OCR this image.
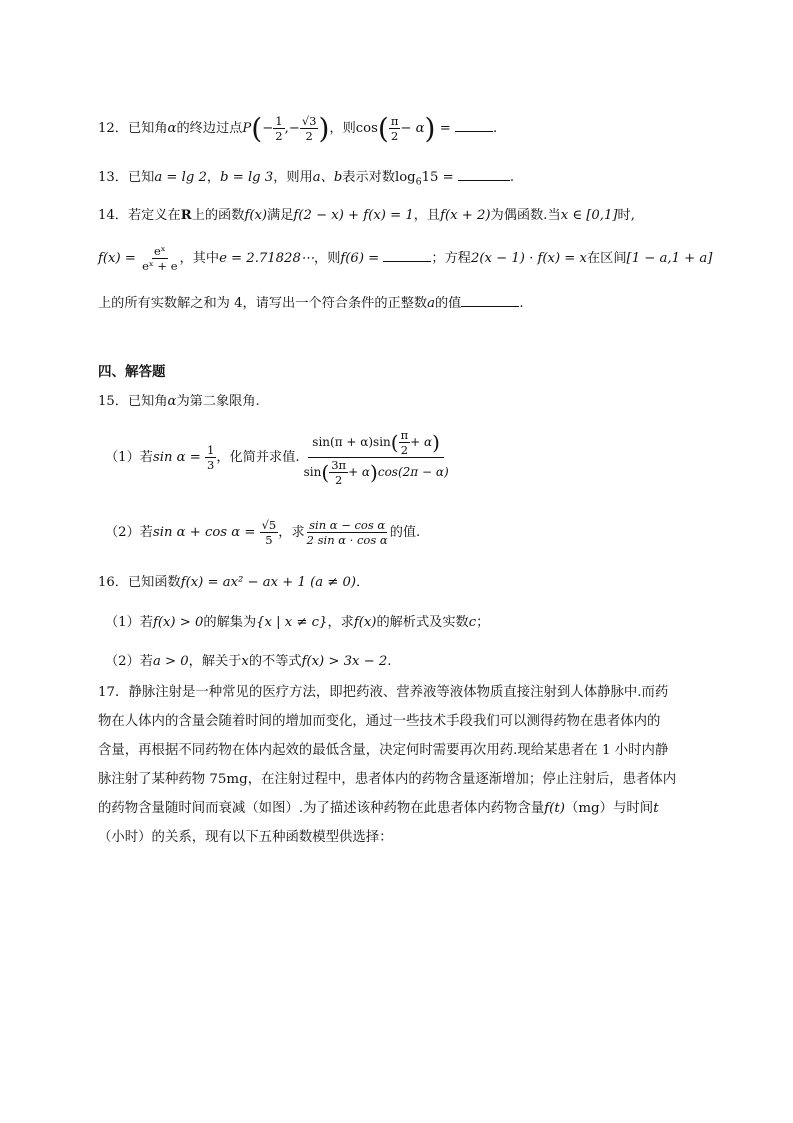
12．已知角α的终边过点$P(- \frac{1}{2}$ ,− $\frac{√3}{2}$ )，则$\cos( \frac{\pi}{2} - \alpha)$ =	.
13．已知a = lg 2，b = lg 3，则用a、b表示对数$\log_615$ =	.
14．若定义在R上的函数f(x)满足f(2 − x) + f(x) = 1，且f(x + 2)为偶函数.当x ∈ [0,1]时,
$f(x) = \frac{\text{eˣ}}{\text{eˣ + e}}$ ，其中e = 2.71828⋯，则f(6) =	；方程2(x − 1) · f(x) = x在区间[1 − a,1 + a]
上的所有实数解之和为 4，请写出一个符合条件的正整数a的值	.
四、解答题
15．已知角α为第二象限角.
（1）若$\sin \alpha = \frac{1}{3}$ ，化简并求值. $\frac{\sin(\pi + \alpha)\sin( \frac{\pi}{2} + \alpha)}{\sin( \frac{3\pi}{2} + \alpha)\cos(2\pi - \alpha)}$
（2）若$\sin \alpha + \cos \alpha = \frac{√5}{5}$ ，求 $\frac{\text{sin α − cos α}}{\text{2 sin α · cos α}}$ 的值.
16．已知函数f(x) = ax² − ax + 1 (a ≠ 0)．
（1）若f(x) > 0的解集为{x | x ≠ c}，求f(x)的解析式及实数c；
（2）若a > 0，解关于x的不等式f(x) > 3x − 2.
17．静脉注射是一种常见的医疗方法，即把药液、营养液等液体物质直接注射到人体静脉中.而药
物在人体内的含量会随着时间的增加而变化，通过一些技术手段我们可以测得药物在患者体内的
含量，再根据不同药物在体内起效的最低含量，决定何时需要再次用药.现给某患者在 1 小时内静
脉注射了某种药物 75mg，在注射过程中，患者体内的药物含量逐渐增加；停止注射后，患者体内
的药物含量随时间而衰减（如图）.为了描述该种药物在此患者体内药物含量f(t)（mg）与时间t
（小时）的关系，现有以下五种函数模型供选择：
